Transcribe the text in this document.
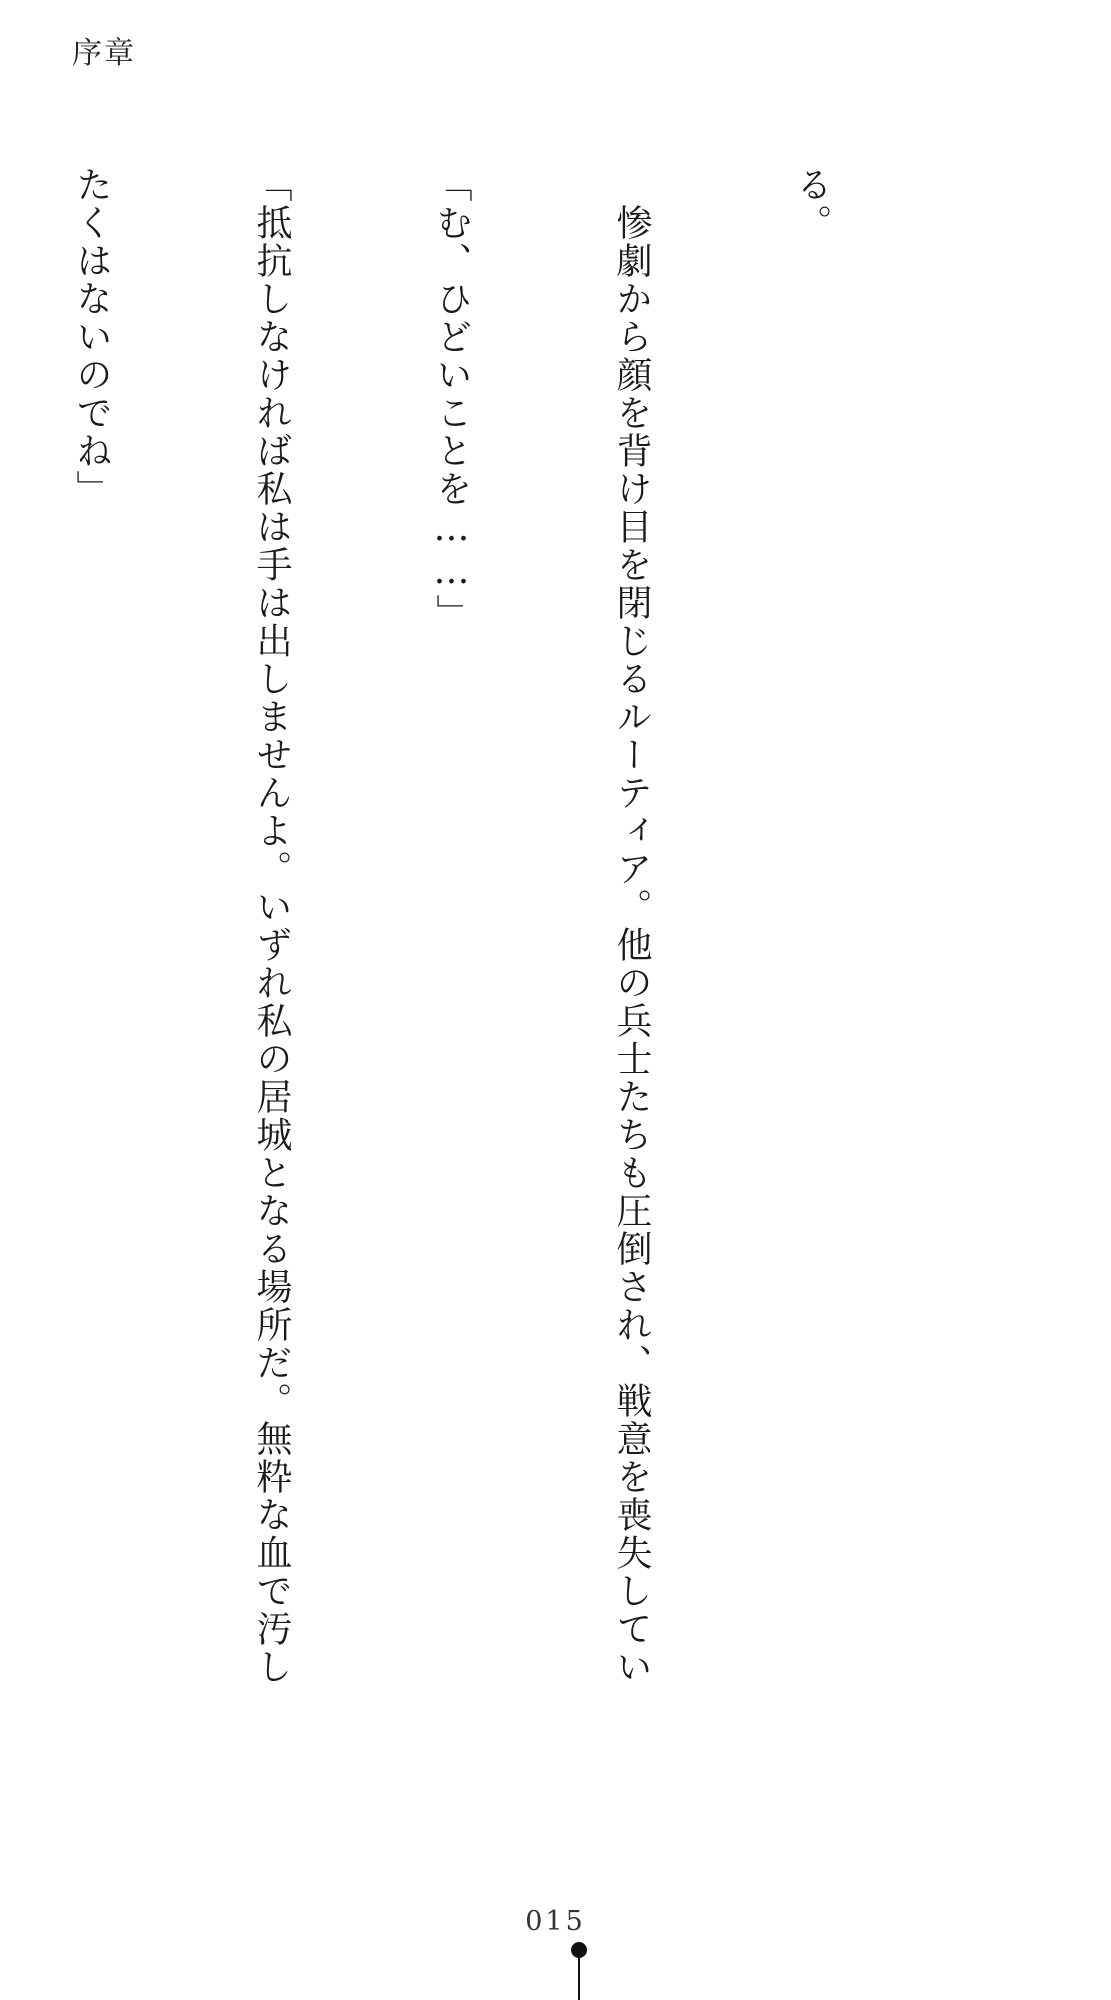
序章

る。

　惨劇から顔を背け目を閉じるルーティア。他の兵士たちも圧倒され、戦意を喪失してい

「む、ひどいことを……」

「抵抗しなければ私は手は出しませんよ。いずれ私の居城となる場所だ。無粋な血で汚し

たくはないのでね」

015
